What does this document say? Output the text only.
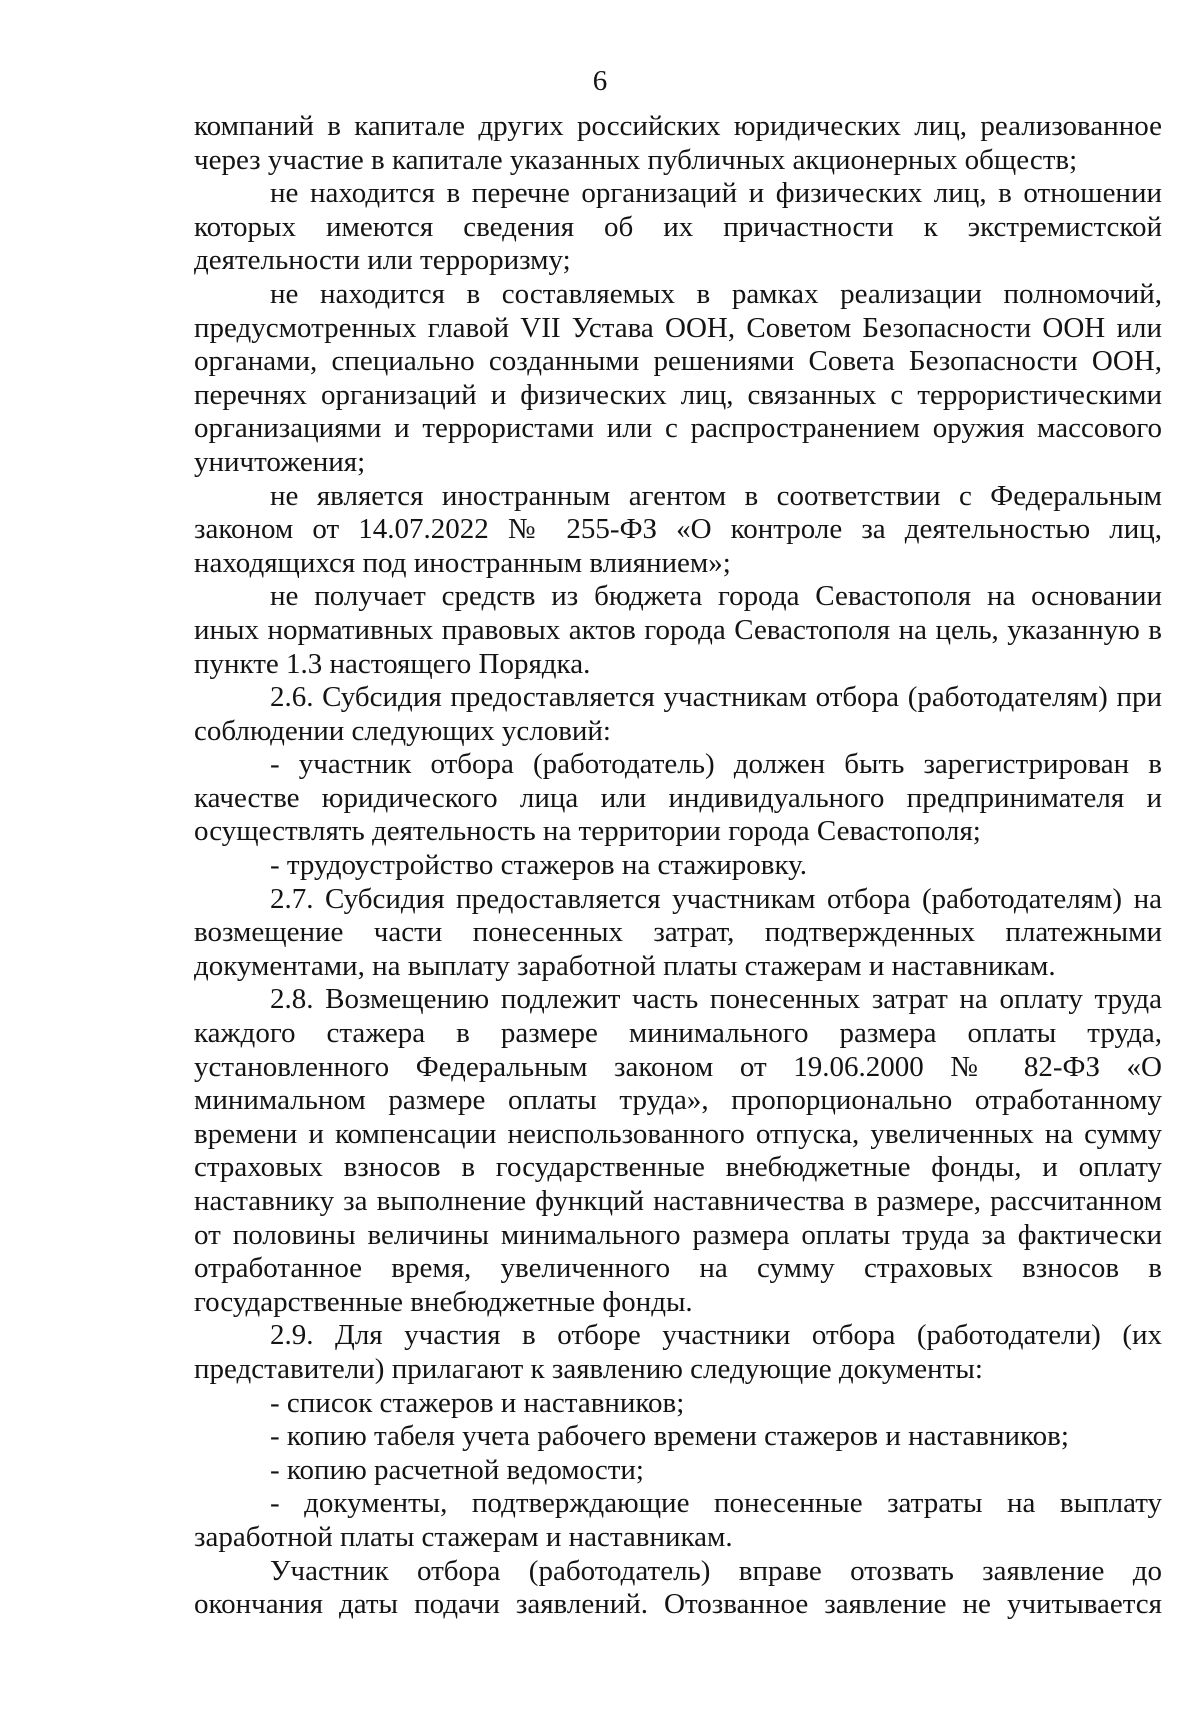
6

компаний в капитале других российских юридических лиц, реализованное через участие в капитале указанных публичных акционерных обществ;

не находится в перечне организаций и физических лиц, в отношении которых имеются сведения об их причастности к экстремистской деятельности или терроризму;

не находится в составляемых в рамках реализации полномочий, предусмотренных главой VII Устава ООН, Советом Безопасности ООН или органами, специально созданными решениями Совета Безопасности ООН, перечнях организаций и физических лиц, связанных с террористическими организациями и террористами или с распространением оружия массового уничтожения;

не является иностранным агентом в соответствии с Федеральным законом от 14.07.2022 № 255-ФЗ «О контроле за деятельностью лиц, находящихся под иностранным влиянием»;

не получает средств из бюджета города Севастополя на основании иных нормативных правовых актов города Севастополя на цель, указанную в пункте 1.3 настоящего Порядка.

2.6. Субсидия предоставляется участникам отбора (работодателям) при соблюдении следующих условий:

- участник отбора (работодатель) должен быть зарегистрирован в качестве юридического лица или индивидуального предпринимателя и осуществлять деятельность на территории города Севастополя;

- трудоустройство стажеров на стажировку.

2.7. Субсидия предоставляется участникам отбора (работодателям) на возмещение части понесенных затрат, подтвержденных платежными документами, на выплату заработной платы стажерам и наставникам.

2.8. Возмещению подлежит часть понесенных затрат на оплату труда каждого стажера в размере минимального размера оплаты труда, установленного Федеральным законом от 19.06.2000 № 82-ФЗ «О минимальном размере оплаты труда», пропорционально отработанному времени и компенсации неиспользованного отпуска, увеличенных на сумму страховых взносов в государственные внебюджетные фонды, и оплату наставнику за выполнение функций наставничества в размере, рассчитанном от половины величины минимального размера оплаты труда за фактически отработанное время, увеличенного на сумму страховых взносов в государственные внебюджетные фонды.

2.9. Для участия в отборе участники отбора (работодатели) (их представители) прилагают к заявлению следующие документы:

- список стажеров и наставников;

- копию табеля учета рабочего времени стажеров и наставников;

- копию расчетной ведомости;

- документы, подтверждающие понесенные затраты на выплату заработной платы стажерам и наставникам.

Участник отбора (работодатель) вправе отозвать заявление до окончания даты подачи заявлений. Отозванное заявление не учитывается
